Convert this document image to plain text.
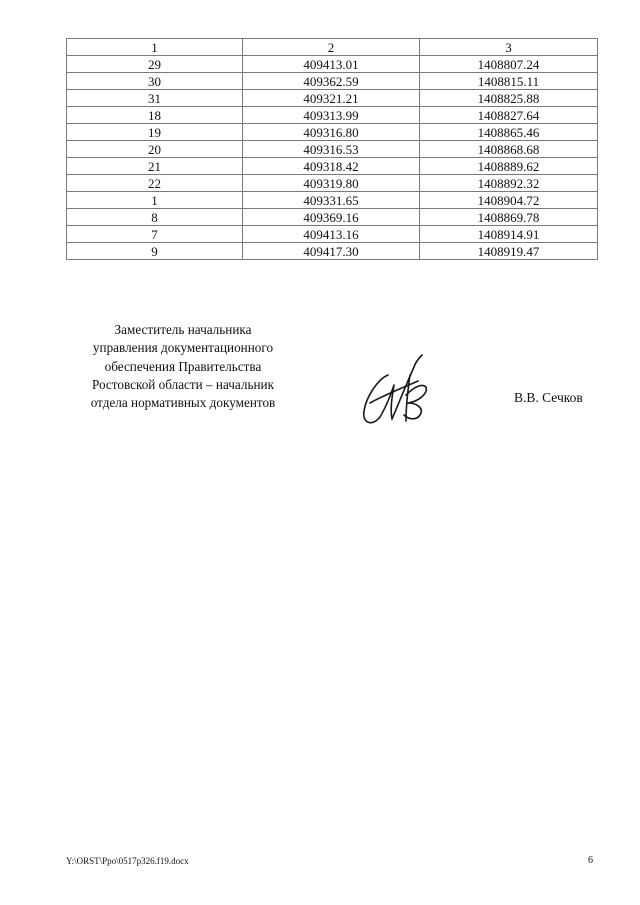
1	2	3
29	409413.01	1408807.24
30	409362.59	1408815.11
31	409321.21	1408825.88
18	409313.99	1408827.64
19	409316.80	1408865.46
20	409316.53	1408868.68
21	409318.42	1408889.62
22	409319.80	1408892.32
1	409331.65	1408904.72
8	409369.16	1408869.78
7	409413.16	1408914.91
9	409417.30	1408919.47
Заместитель начальника
управления документационного
обеспечения Правительства
Ростовской области – начальник
отдела нормативных документов	В.В. Сечков
Y:\ORST\Ppo\0517p326.f19.docx	6
